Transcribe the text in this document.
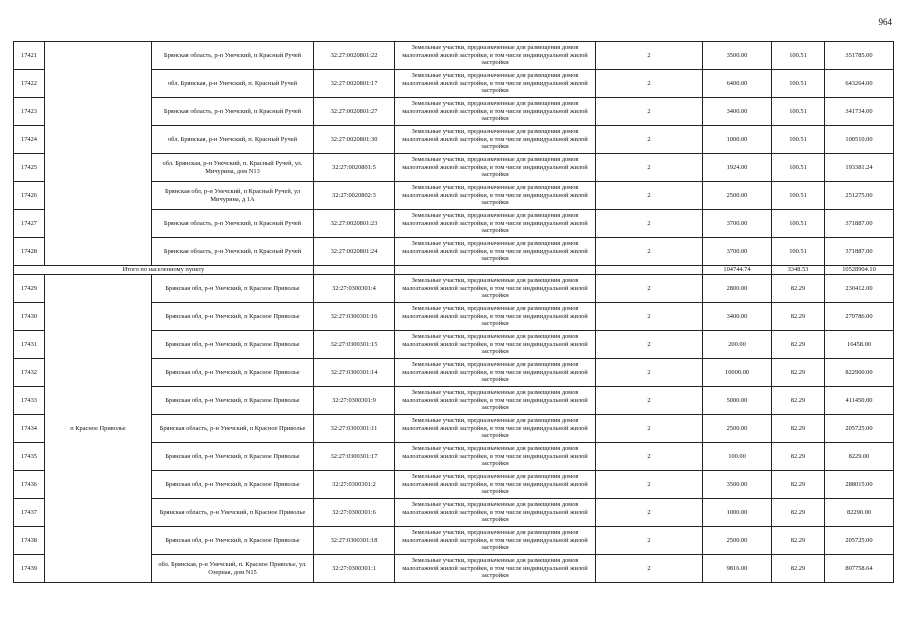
964
17421		Брянская область, р-н Унечский, п Красный Ручей	32:27:0020801:22	Земельные участки, предназначенные для размещения домов малоэтажной жилой застройки, в том числе индивидуальной жилой застройки	2	3500.00	100.51	351785.00
17422		обл. Брянская, р-н Унечский, п. Красный Ручей	32:27:0020801:17	Земельные участки, предназначенные для размещения домов малоэтажной жилой застройки, в том числе индивидуальной жилой застройки	2	6400.00	100.51	643264.00
17423		Брянская область, р-н Унечский, п Красный Ручей	32:27:0020801:27	Земельные участки, предназначенные для размещения домов малоэтажной жилой застройки, в том числе индивидуальной жилой застройки	2	3400.00	100.51	341734.00
17424		обл. Брянская, р-н Унечский, п. Красный Ручей	32:27:0020801:30	Земельные участки, предназначенные для размещения домов малоэтажной жилой застройки, в том числе индивидуальной жилой застройки	2	1000.00	100.51	100510.00
17425		обл. Брянская, р-н Унечский, п. Красный Ручей, ул. Мичурина, дом N13	32:27:0020801:5	Земельные участки, предназначенные для размещения домов малоэтажной жилой застройки, в том числе индивидуальной жилой застройки	2	1924.00	100.51	193381.24
17426		Брянская обл, р-н Унечский, п Красный Ручей, ул Мичурина, д 1А	32:27:0020802:3	Земельные участки, предназначенные для размещения домов малоэтажной жилой застройки, в том числе индивидуальной жилой застройки	2	2500.00	100.51	251275.00
17427		Брянская область, р-н Унечский, п Красный Ручей	32:27:0020801:23	Земельные участки, предназначенные для размещения домов малоэтажной жилой застройки, в том числе индивидуальной жилой застройки	2	3700.00	100.51	371887.00
17428		Брянская область, р-н Унечский, п Красный Ручей	32:27:0020801:24	Земельные участки, предназначенные для размещения домов малоэтажной жилой застройки, в том числе индивидуальной жилой застройки	2	3700.00	100.51	371887.00
Итого по населенному пункту						104744.74	3348.53	10528904.10
17429	п Красное Привольe	Брянская обл, р-н Унечский, п Красное Приволье	32:27:0300301:4	Земельные участки, предназначенные для размещения домов малоэтажной жилой застройки, в том числе индивидуальной жилой застройки	2	2800.00	82.29	230412.00
17430		Брянская обл, р-н Унечский, п Красное Приволье	32:27:0300301:16	Земельные участки, предназначенные для размещения домов малоэтажной жилой застройки, в том числе индивидуальной жилой застройки	2	3400.00	82.29	279786.00
17431		Брянская обл, р-н Унечский, п Красное Приволье	32:27:0300301:15	Земельные участки, предназначенные для размещения домов малоэтажной жилой застройки, в том числе индивидуальной жилой застройки	2	200.00	82.29	16458.00
17432		Брянская обл, р-н Унечский, п Красное Приволье	32:27:0300301:14	Земельные участки, предназначенные для размещения домов малоэтажной жилой застройки, в том числе индивидуальной жилой застройки	2	10000.00	82.29	822900.00
17433		Брянская обл, р-н Унечский, п Красное Приволье	32:27:0300301:9	Земельные участки, предназначенные для размещения домов малоэтажной жилой застройки, в том числе индивидуальной жилой застройки	2	5000.00	82.29	411450.00
17434		Брянская область, р-н Унечский, п Красное Приволье	32:27:0300301:11	Земельные участки, предназначенные для размещения домов малоэтажной жилой застройки, в том числе индивидуальной жилой застройки	2	2500.00	82.29	205725.00
17435		Брянская обл, р-н Унечский, п Красное Приволье	32:27:0300301:17	Земельные участки, предназначенные для размещения домов малоэтажной жилой застройки, в том числе индивидуальной жилой застройки	2	100.00	82.29	8229.00
17436		Брянская обл, р-н Унечский, п Красное Приволье	32:27:0300301:2	Земельные участки, предназначенные для размещения домов малоэтажной жилой застройки, в том числе индивидуальной жилой застройки	2	3500.00	82.29	288015.00
17437		Брянская область, р-н Унечский, п Красное Приволье	32:27:0300301:6	Земельные участки, предназначенные для размещения домов малоэтажной жилой застройки, в том числе индивидуальной жилой застройки	2	1000.00	82.29	82290.00
17438		Брянская обл, р-н Унечский, п Красное Приволье	32:27:0300301:18	Земельные участки, предназначенные для размещения домов малоэтажной жилой застройки, в том числе индивидуальной жилой застройки	2	2500.00	82.29	205725.00
17439		обл. Брянская, р-н Унечский, п. Красное Приволье, ул. Озерная, дом N15	32:27:0300301:1	Земельные участки, предназначенные для размещения домов малоэтажной жилой застройки, в том числе индивидуальной жилой застройки	2	9816.00	82.29	807758.64
